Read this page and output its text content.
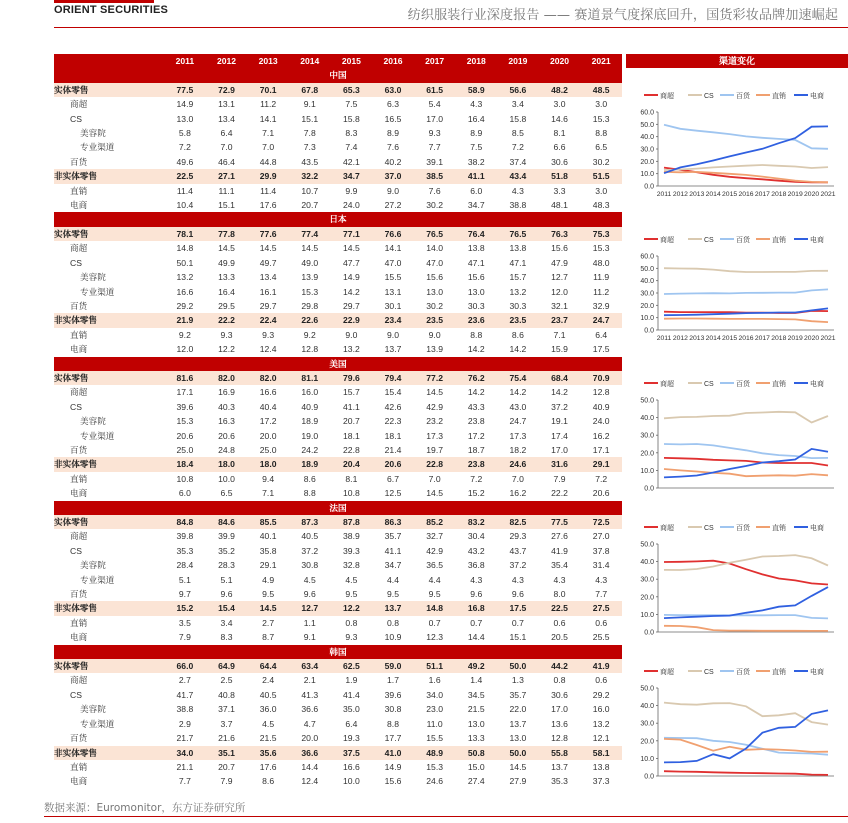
ORIENT SECURITIES	纺织服装行业深度报告 —— 赛道景气度探底回升，国货彩妆品牌加速崛起
	2011	2012	2013	2014	2015	2016	2017	2018	2019	2020	2021
中国											
实体零售	77.5	72.9	70.1	67.8	65.3	63.0	61.5	58.9	56.6	48.2	48.5
商超	14.9	13.1	11.2	9.1	7.5	6.3	5.4	4.3	3.4	3.0	3.0
CS	13.0	13.4	14.1	15.1	15.8	16.5	17.0	16.4	15.8	14.6	15.3
美容院	5.8	6.4	7.1	7.8	8.3	8.9	9.3	8.9	8.5	8.1	8.8
专业渠道	7.2	7.0	7.0	7.3	7.4	7.6	7.7	7.5	7.2	6.6	6.5
百货	49.6	46.4	44.8	43.5	42.1	40.2	39.1	38.2	37.4	30.6	30.2
非实体零售	22.5	27.1	29.9	32.2	34.7	37.0	38.5	41.1	43.4	51.8	51.5
直销	11.4	11.1	11.4	10.7	9.9	9.0	7.6	6.0	4.3	3.3	3.0
电商	10.4	15.1	17.6	20.7	24.0	27.2	30.2	34.7	38.8	48.1	48.3
日本											
实体零售	78.1	77.8	77.6	77.4	77.1	76.6	76.5	76.4	76.5	76.3	75.3
商超	14.8	14.5	14.5	14.5	14.5	14.1	14.0	13.8	13.8	15.6	15.3
CS	50.1	49.9	49.7	49.0	47.7	47.0	47.0	47.1	47.1	47.9	48.0
美容院	13.2	13.3	13.4	13.9	14.9	15.5	15.6	15.6	15.7	12.7	11.9
专业渠道	16.6	16.4	16.1	15.3	14.2	13.1	13.0	13.0	13.2	12.0	11.2
百货	29.2	29.5	29.7	29.8	29.7	30.1	30.2	30.3	30.3	32.1	32.9
非实体零售	21.9	22.2	22.4	22.6	22.9	23.4	23.5	23.6	23.5	23.7	24.7
直销	9.2	9.3	9.3	9.2	9.0	9.0	9.0	8.8	8.6	7.1	6.4
电商	12.0	12.2	12.4	12.8	13.2	13.7	13.9	14.2	14.2	15.9	17.5
美国											
实体零售	81.6	82.0	82.0	81.1	79.6	79.4	77.2	76.2	75.4	68.4	70.9
商超	17.1	16.9	16.6	16.0	15.7	15.4	14.5	14.2	14.2	14.2	12.8
CS	39.6	40.3	40.4	40.9	41.1	42.6	42.9	43.3	43.0	37.2	40.9
美容院	15.3	16.3	17.2	18.9	20.7	22.3	23.2	23.8	24.7	19.1	24.0
专业渠道	20.6	20.6	20.0	19.0	18.1	18.1	17.3	17.2	17.3	17.4	16.2
百货	25.0	24.8	25.0	24.2	22.8	21.4	19.7	18.7	18.2	17.0	17.1
非实体零售	18.4	18.0	18.0	18.9	20.4	20.6	22.8	23.8	24.6	31.6	29.1
直销	10.8	10.0	9.4	8.6	8.1	6.7	7.0	7.2	7.0	7.9	7.2
电商	6.0	6.5	7.1	8.8	10.8	12.5	14.5	15.2	16.2	22.2	20.6
法国											
实体零售	84.8	84.6	85.5	87.3	87.8	86.3	85.2	83.2	82.5	77.5	72.5
商超	39.8	39.9	40.1	40.5	38.9	35.7	32.7	30.4	29.3	27.6	27.0
CS	35.3	35.2	35.8	37.2	39.3	41.1	42.9	43.2	43.7	41.9	37.8
美容院	28.4	28.3	29.1	30.8	32.8	34.7	36.5	36.8	37.2	35.4	31.4
专业渠道	5.1	5.1	4.9	4.5	4.5	4.4	4.4	4.3	4.3	4.3	4.3
百货	9.7	9.6	9.5	9.6	9.5	9.5	9.5	9.6	9.6	8.0	7.7
非实体零售	15.2	15.4	14.5	12.7	12.2	13.7	14.8	16.8	17.5	22.5	27.5
直销	3.5	3.4	2.7	1.1	0.8	0.8	0.7	0.7	0.7	0.6	0.6
电商	7.9	8.3	8.7	9.1	9.3	10.9	12.3	14.4	15.1	20.5	25.5
韩国											
实体零售	66.0	64.9	64.4	63.4	62.5	59.0	51.1	49.2	50.0	44.2	41.9
商超	2.7	2.5	2.4	2.1	1.9	1.7	1.6	1.4	1.3	0.8	0.6
CS	41.7	40.8	40.5	41.3	41.4	39.6	34.0	34.5	35.7	30.6	29.2
美容院	38.8	37.1	36.0	36.6	35.0	30.8	23.0	21.5	22.0	17.0	16.0
专业渠道	2.9	3.7	4.5	4.7	6.4	8.8	11.0	13.0	13.7	13.6	13.2
百货	21.7	21.6	21.5	20.0	19.3	17.7	15.5	13.3	13.0	12.8	12.1
非实体零售	34.0	35.1	35.6	36.6	37.5	41.0	48.9	50.8	50.0	55.8	58.1
直销	21.1	20.7	17.6	14.4	16.6	14.9	15.3	15.0	14.5	13.7	13.8
电商	7.7	7.9	8.6	12.4	10.0	15.6	24.6	27.4	27.9	35.3	37.3
渠道变化
商超	CS	百货	直销	电商
0.0
10.0
20.0
30.0
40.0
50.0
60.0
2011 2012 2013 2014 2015 2016 2017 2018 2019 2020 2021
商超	CS	百货	直销	电商
0.0
10.0
20.0
30.0
40.0
50.0
60.0
2011 2012 2013 2014 2015 2016 2017 2018 2019 2020 2021
商超	CS	百货	直销	电商
0.0
10.0
20.0
30.0
40.0
50.0
商超	CS	百货	直销	电商
0.0
10.0
20.0
30.0
40.0
50.0
商超	CS	百货	直销	电商
0.0
10.0
20.0
30.0
40.0
50.0
数据来源：Euromonitor，东方证券研究所
